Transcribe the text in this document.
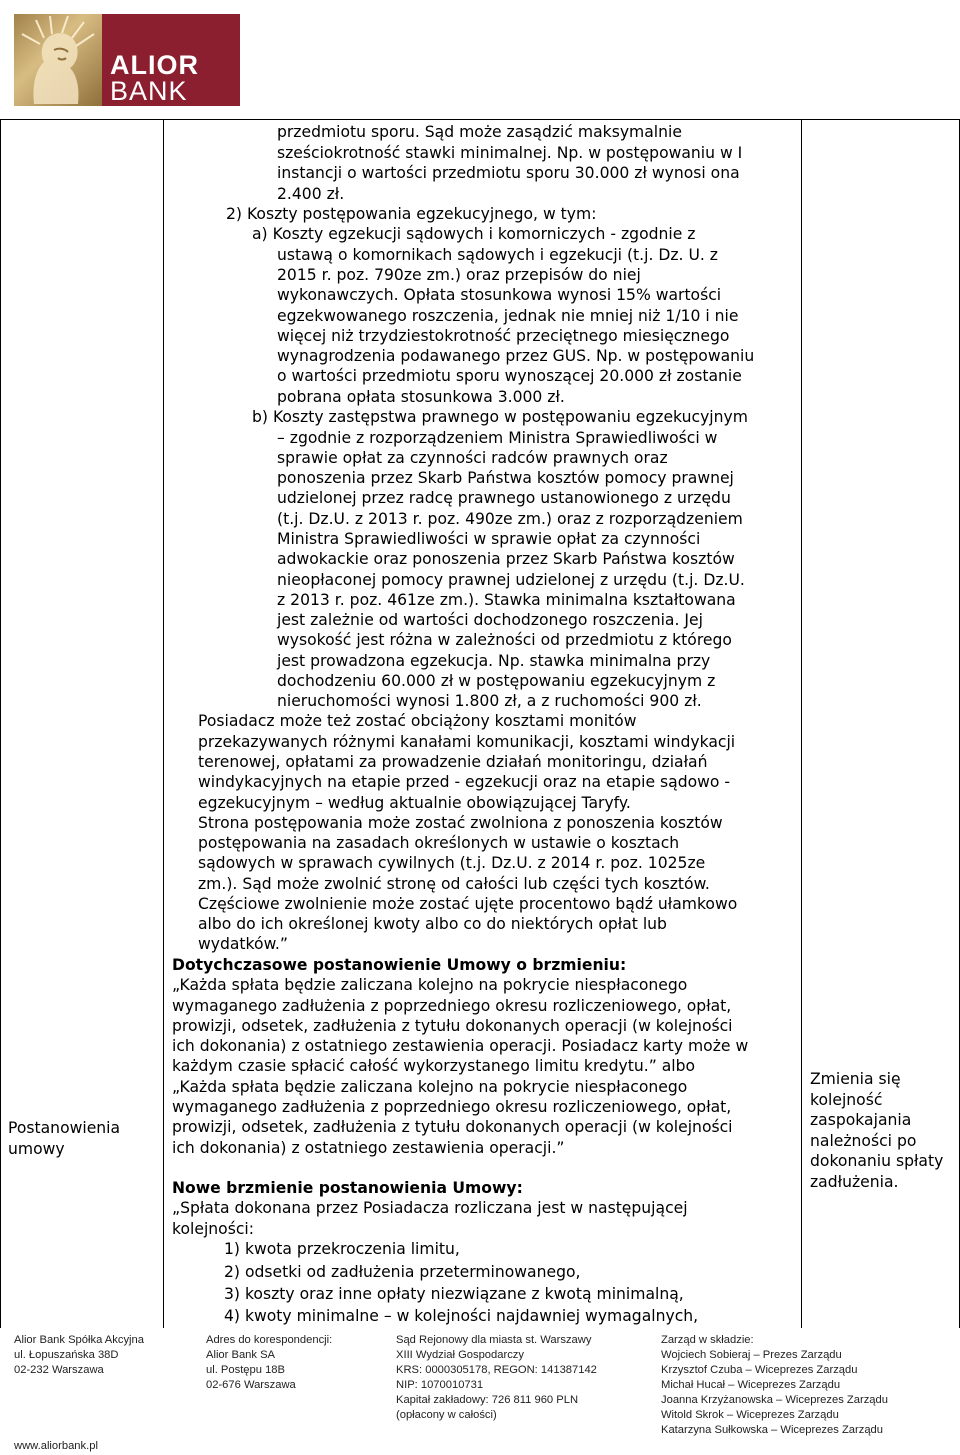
ALIOR
BANK
Postanowienia umowy
Zmienia się kolejność zaspokajania należności po dokonaniu spłaty zadłużenia.
przedmiotu sporu. Sąd może zasądzić maksymalnie
sześciokrotność stawki minimalnej. Np. w postępowaniu w I
instancji o wartości przedmiotu sporu 30.000 zł wynosi ona
2.400 zł.
2) Koszty postępowania egzekucyjnego, w tym:
a) Koszty egzekucji sądowych i komorniczych - zgodnie z
ustawą o komornikach sądowych i egzekucji (t.j. Dz. U. z
2015 r. poz. 790ze zm.) oraz przepisów do niej
wykonawczych. Opłata stosunkowa wynosi 15% wartości
egzekwowanego roszczenia, jednak nie mniej niż 1/10 i nie
więcej niż trzydziestokrotność przeciętnego miesięcznego
wynagrodzenia podawanego przez GUS. Np. w postępowaniu
o wartości przedmiotu sporu wynoszącej 20.000 zł zostanie
pobrana opłata stosunkowa 3.000 zł.
b) Koszty zastępstwa prawnego w postępowaniu egzekucyjnym
– zgodnie z rozporządzeniem Ministra Sprawiedliwości w
sprawie opłat za czynności radców prawnych oraz
ponoszenia przez Skarb Państwa kosztów pomocy prawnej
udzielonej przez radcę prawnego ustanowionego z urzędu
(t.j. Dz.U. z 2013 r. poz. 490ze zm.) oraz z rozporządzeniem
Ministra Sprawiedliwości w sprawie opłat za czynności
adwokackie oraz ponoszenia przez Skarb Państwa kosztów
nieopłaconej pomocy prawnej udzielonej z urzędu (t.j. Dz.U.
z 2013 r. poz. 461ze zm.). Stawka minimalna kształtowana
jest zależnie od wartości dochodzonego roszczenia. Jej
wysokość jest różna w zależności od przedmiotu z którego
jest prowadzona egzekucja. Np. stawka minimalna przy
dochodzeniu 60.000 zł w postępowaniu egzekucyjnym z
nieruchomości wynosi 1.800 zł, a z ruchomości 900 zł.
Posiadacz może też zostać obciążony kosztami monitów
przekazywanych różnymi kanałami komunikacji, kosztami windykacji
terenowej, opłatami za prowadzenie działań monitoringu, działań
windykacyjnych na etapie przed - egzekucji oraz na etapie sądowo -
egzekucyjnym – według aktualnie obowiązującej Taryfy.
Strona postępowania może zostać zwolniona z ponoszenia kosztów
postępowania na zasadach określonych w ustawie o kosztach
sądowych w sprawach cywilnych (t.j. Dz.U. z 2014 r. poz. 1025ze
zm.). Sąd może zwolnić stronę od całości lub części tych kosztów.
Częściowe zwolnienie może zostać ujęte procentowo bądź ułamkowo
albo do ich określonej kwoty albo co do niektórych opłat lub
wydatków.”
Dotychczasowe postanowienie Umowy o brzmieniu:
„Każda spłata będzie zaliczana kolejno na pokrycie niespłaconego
wymaganego zadłużenia z poprzedniego okresu rozliczeniowego, opłat,
prowizji, odsetek, zadłużenia z tytułu dokonanych operacji (w kolejności
ich dokonania) z ostatniego zestawienia operacji. Posiadacz karty może w
każdym czasie spłacić całość wykorzystanego limitu kredytu.” albo
„Każda spłata będzie zaliczana kolejno na pokrycie niespłaconego
wymaganego zadłużenia z poprzedniego okresu rozliczeniowego, opłat,
prowizji, odsetek, zadłużenia z tytułu dokonanych operacji (w kolejności
ich dokonania) z ostatniego zestawienia operacji.”
Nowe brzmienie postanowienia Umowy:
„Spłata dokonana przez Posiadacza rozliczana jest w następującej
kolejności:
1) kwota przekroczenia limitu,
2) odsetki od zadłużenia przeterminowanego,
3) koszty oraz inne opłaty niezwiązane z kwotą minimalną,
4) kwoty minimalne – w kolejności najdawniej wymagalnych,
Alior Bank Spółka Akcyjna
ul. Łopuszańska 38D
02-232 Warszawa
Adres do korespondencji:
Alior Bank SA
ul. Postępu 18B
02-676 Warszawa
Sąd Rejonowy dla miasta st. Warszawy
XIII Wydział Gospodarczy
KRS: 0000305178, REGON: 141387142
NIP: 1070010731
Kapitał zakładowy: 726 811 960 PLN
(opłacony w całości)
Zarząd w składzie:
Wojciech Sobieraj – Prezes Zarządu
Krzysztof Czuba – Wiceprezes Zarządu
Michał Hucał – Wiceprezes Zarządu
Joanna Krzyżanowska – Wiceprezes Zarządu
Witold Skrok – Wiceprezes Zarządu
Katarzyna Sułkowska – Wiceprezes Zarządu
www.aliorbank.pl
